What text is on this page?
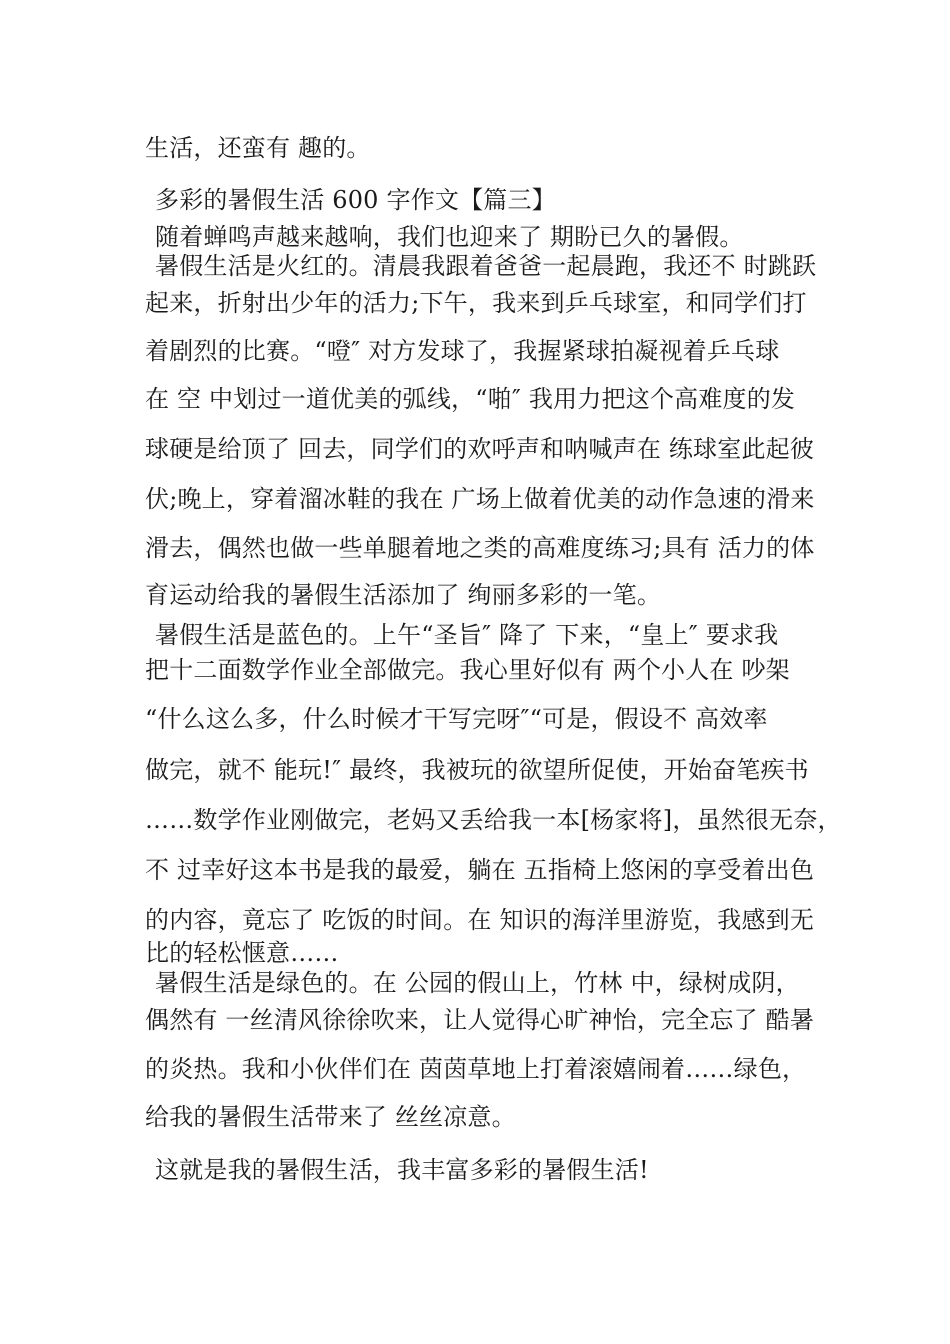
生活，还蛮有 趣的。
多彩的暑假生活 600 字作文【篇三】
随着蝉鸣声越来越响，我们也迎来了 期盼已久的暑假。
暑假生活是火红的。清晨我跟着爸爸一起晨跑，我还不 时跳跃
起来，折射出少年的活力;下午，我来到乒乓球室，和同学们打
着剧烈的比赛。“噔″ 对方发球了，我握紧球拍凝视着乒乓球
在 空 中划过一道优美的弧线，“啪″ 我用力把这个高难度的发
球硬是给顶了 回去，同学们的欢呼声和呐喊声在 练球室此起彼
伏;晚上，穿着溜冰鞋的我在 广场上做着优美的动作急速的滑来
滑去，偶然也做一些单腿着地之类的高难度练习;具有 活力的体
育运动给我的暑假生活添加了 绚丽多彩的一笔。
暑假生活是蓝色的。上午“圣旨″ 降了 下来，“皇上″ 要求我
把十二面数学作业全部做完。我心里好似有 两个小人在 吵架
“什么这么多，什么时候才干写完呀″“可是，假设不 高效率
做完，就不 能玩!″ 最终，我被玩的欲望所促使，开始奋笔疾书
……数学作业刚做完，老妈又丢给我一本[杨家将]，虽然很无奈，
不 过幸好这本书是我的最爱，躺在 五指椅上悠闲的享受着出色
的内容，竟忘了 吃饭的时间。在 知识的海洋里游览，我感到无
比的轻松惬意……
暑假生活是绿色的。在 公园的假山上，竹林 中，绿树成阴，
偶然有 一丝清风徐徐吹来，让人觉得心旷神怡，完全忘了 酷暑
的炎热。我和小伙伴们在 茵茵草地上打着滚嬉闹着……绿色，
给我的暑假生活带来了 丝丝凉意。
这就是我的暑假生活，我丰富多彩的暑假生活!
